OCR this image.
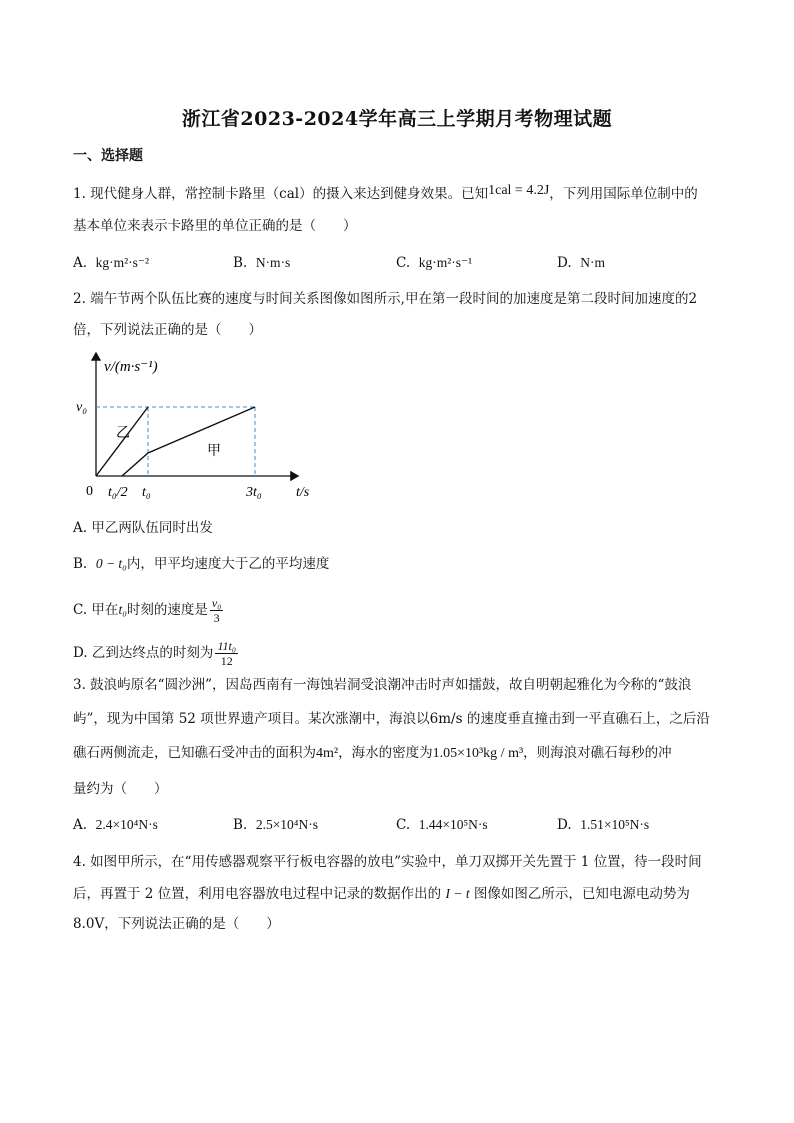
浙江省2023-2024学年高三上学期月考物理试题
一、选择题
1. 现代健身人群，常控制卡路里（cal）的摄入来达到健身效果。已知1cal = 4.2J，下列用国际单位制中的
基本单位来表示卡路里的单位正确的是（　　）
A. kg·m²·s⁻²	B. N·m·s	C. kg·m²·s⁻¹	D. N·m
2. 端午节两个队伍比赛的速度与时间关系图像如图所示,甲在第一段时间的加速度是第二段时间加速度的2
倍，下列说法正确的是（　　）
v/(m·s⁻¹)
v₀
0 t₀/2 t₀	3t₀ t/s
乙
甲
A. 甲乙两队伍同时出发
B. 0 − t₀内，甲平均速度大于乙的平均速度
C. 甲在t₀时刻的速度是 $\frac{\text{v₀}}{3}$
D. 乙到达终点的时刻为 $\frac{\text{11t₀}}{12}$
3. 鼓浪屿原名“圆沙洲”，因岛西南有一海蚀岩洞受浪潮冲击时声如擂鼓，故自明朝起雅化为今称的“鼓浪
屿”，现为中国第 52 项世界遗产项目。某次涨潮中，海浪以6m/s 的速度垂直撞击到一平直礁石上，之后沿
礁石两侧流走，已知礁石受冲击的面积为4m²，海水的密度为1.05×10³kg / m³，则海浪对礁石每秒的冲
量约为（　　）
A. 2.4×10⁴N·s	B. 2.5×10⁴N·s	C. 1.44×10⁵N·s	D. 1.51×10⁵N·s
4. 如图甲所示，在“用传感器观察平行板电容器的放电”实验中，单刀双掷开关先置于 1 位置，待一段时间
后，再置于 2 位置，利用电容器放电过程中记录的数据作出的 I − t 图像如图乙所示，已知电源电动势为
8.0V，下列说法正确的是（　　）
